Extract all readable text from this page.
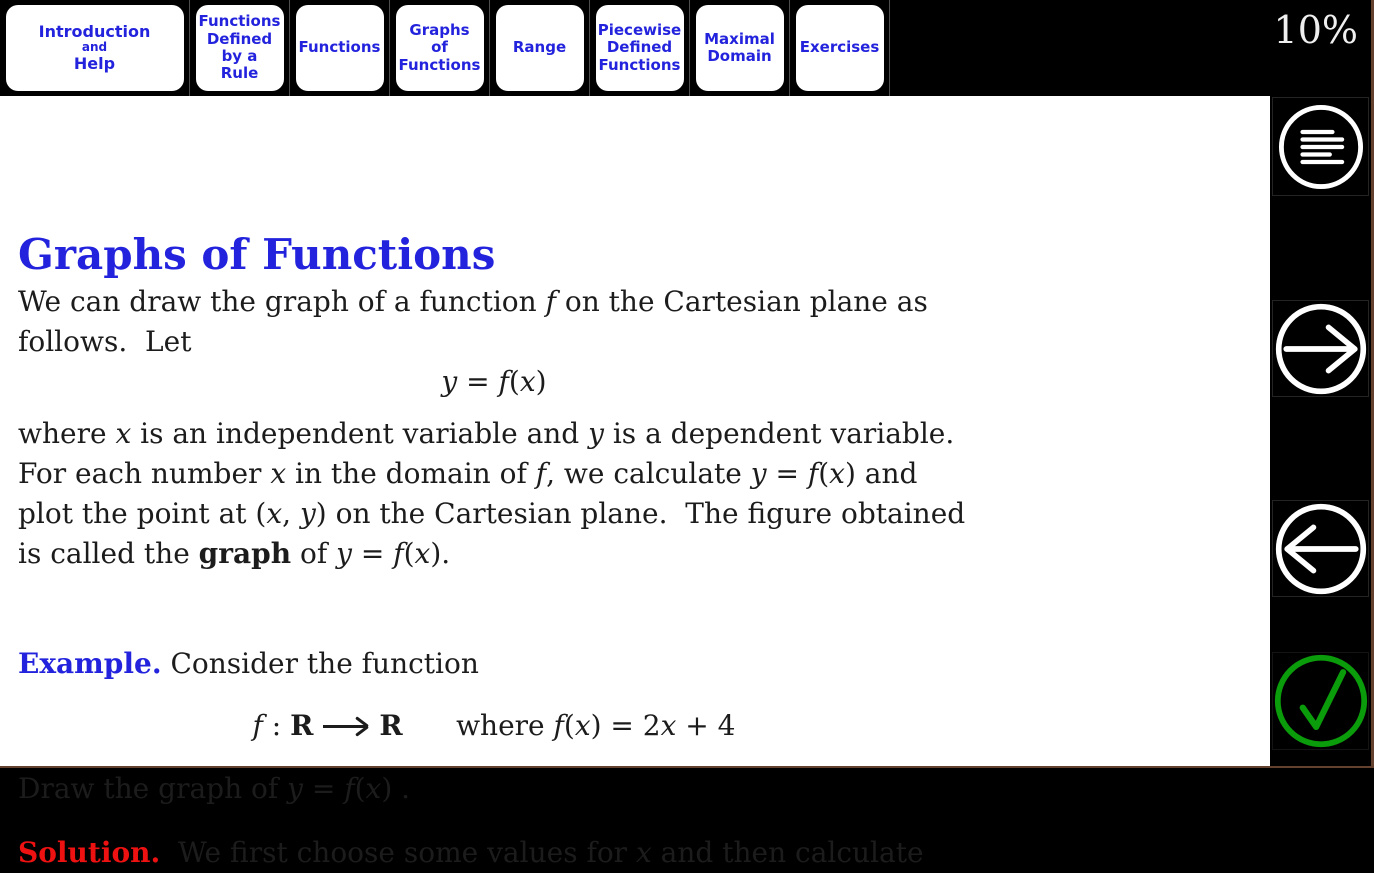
Introduction
and
Help
Functions
Defined
by a
Rule
Functions
Graphs
of
Functions
Range
Piecewise
Defined
Functions
Maximal
Domain Exercises	10%
Graphs of Functions
We can draw the graph of a function f on the Cartesian plane as
follows.  Let
y = f(x)
where x is an independent variable and y is a dependent variable.
For each number x in the domain of f, we calculate y = f(x) and
plot the point at (x, y) on the Cartesian plane.  The figure obtained
is called the graph of y = f(x).
Example. Consider the function
f : R R      where f(x) = 2x + 4
Draw the graph of y = f(x) .
Solution.  We first choose some values for x and then calculate
